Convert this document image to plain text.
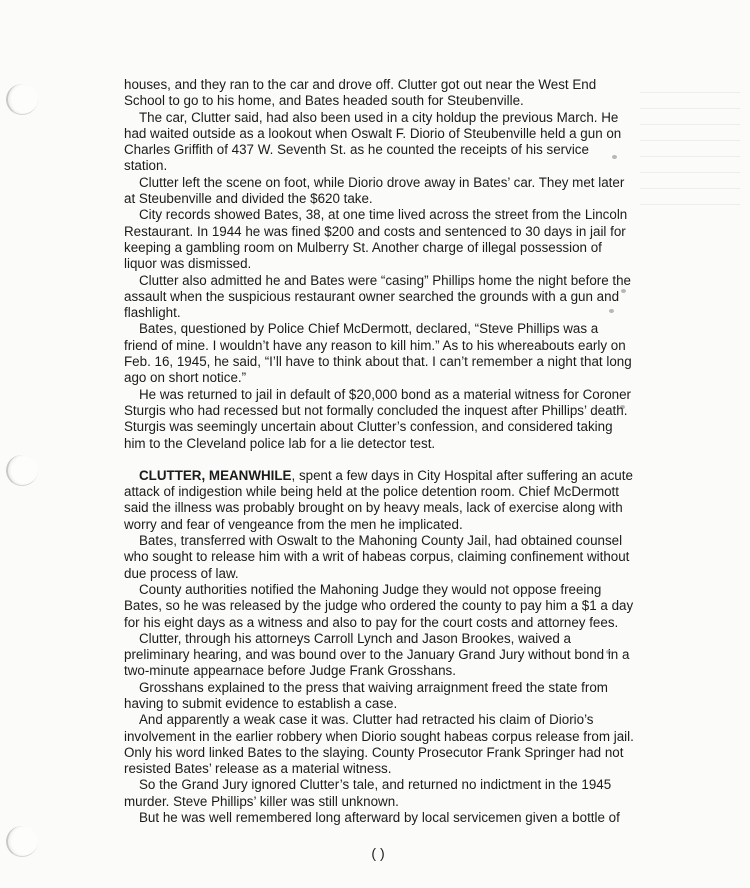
houses, and they ran to the car and drove off. Clutter got out near the West End School to go to his home, and Bates headed south for Steubenville.

The car, Clutter said, had also been used in a city holdup the previous March. He had waited outside as a lookout when Oswalt F. Diorio of Steubenville held a gun on Charles Griffith of 437 W. Seventh St. as he counted the receipts of his service station.

Clutter left the scene on foot, while Diorio drove away in Bates’ car. They met later at Steubenville and divided the $620 take.

City records showed Bates, 38, at one time lived across the street from the Lincoln Restaurant. In 1944 he was fined $200 and costs and sentenced to 30 days in jail for keeping a gambling room on Mulberry St. Another charge of illegal possession of liquor was dismissed.

Clutter also admitted he and Bates were “casing” Phillips home the night before the assault when the suspicious restaurant owner searched the grounds with a gun and flashlight.

Bates, questioned by Police Chief McDermott, declared, “Steve Phillips was a friend of mine. I wouldn’t have any reason to kill him.” As to his whereabouts early on Feb. 16, 1945, he said, “I’ll have to think about that. I can’t remember a night that long ago on short notice.”

He was returned to jail in default of $20,000 bond as a material witness for Coroner Sturgis who had recessed but not formally concluded the inquest after Phillips’ death. Sturgis was seemingly uncertain about Clutter’s confession, and considered taking him to the Cleveland police lab for a lie detector test.

CLUTTER, MEANWHILE, spent a few days in City Hospital after suffering an acute attack of indigestion while being held at the police detention room. Chief McDermott said the illness was probably brought on by heavy meals, lack of exercise along with worry and fear of vengeance from the men he implicated.

Bates, transferred with Oswalt to the Mahoning County Jail, had obtained counsel who sought to release him with a writ of habeas corpus, claiming confinement without due process of law.

County authorities notified the Mahoning Judge they would not oppose freeing Bates, so he was released by the judge who ordered the county to pay him a $1 a day for his eight days as a witness and also to pay for the court costs and attorney fees.

Clutter, through his attorneys Carroll Lynch and Jason Brookes, waived a preliminary hearing, and was bound over to the January Grand Jury without bond in a two-minute appearnace before Judge Frank Grosshans.

Grosshans explained to the press that waiving arraignment freed the state from having to submit evidence to establish a case.

And apparently a weak case it was. Clutter had retracted his claim of Diorio’s involvement in the earlier robbery when Diorio sought habeas corpus release from jail. Only his word linked Bates to the slaying. County Prosecutor Frank Springer had not resisted Bates’ release as a material witness.

So the Grand Jury ignored Clutter’s tale, and returned no indictment in the 1945 murder. Steve Phillips’ killer was still unknown.

But he was well remembered long afterward by local servicemen given a bottle of

( )
